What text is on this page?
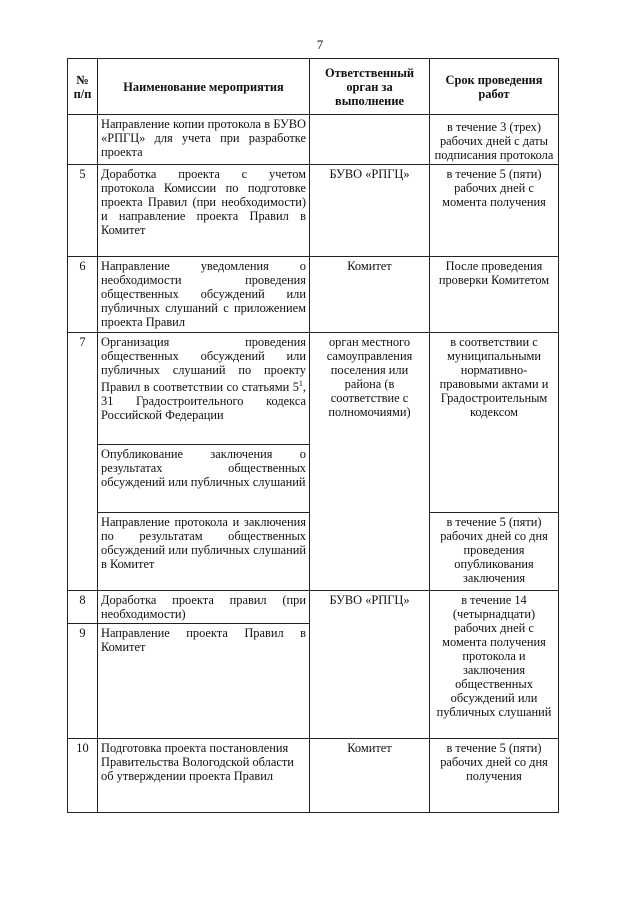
7
№ п/п	Наименование мероприятия	Ответственный орган за выполнение	Срок проведения работ
	Направление копии протокола в БУВО «РПГЦ» для учета при разработке проекта		в течение 3 (трех) рабочих дней с даты подписания протокола
5	Доработка проекта с учетом протокола Комиссии по подготовке проекта Правил (при необходимости) и направление проекта Правил в Комитет	БУВО «РПГЦ»	в течение 5 (пяти) рабочих дней с момента получения
6	Направление уведомления о необходимости проведения общественных обсуждений или публичных слушаний с приложением проекта Правил	Комитет	После проведения проверки Комитетом
7	Организация проведения общественных обсуждений или публичных слушаний по проекту Правил в соответствии со статьями $5^1$, 31 Градостроительного кодекса Российской Федерации	орган местного самоуправления поселения или района (в соответствие с полномочиями)	в соответствии с муниципальными нормативно-правовыми актами и Градостроительным кодексом
	Опубликование заключения о результатах общественных обсуждений или публичных слушаний		
	Направление протокола и заключения по результатам общественных обсуждений или публичных слушаний в Комитет		в течение 5 (пяти) рабочих дней со дня проведения опубликования заключения
8	Доработка проекта правил (при необходимости)	БУВО «РПГЦ»	в течение 14 (четырнадцати) рабочих дней с момента получения протокола и заключения общественных обсуждений или публичных слушаний
9	Направление проекта Правил в Комитет		
10	Подготовка проекта постановления Правительства Вологодской области об утверждении проекта Правил	Комитет	в течение 5 (пяти) рабочих дней со дня получения
